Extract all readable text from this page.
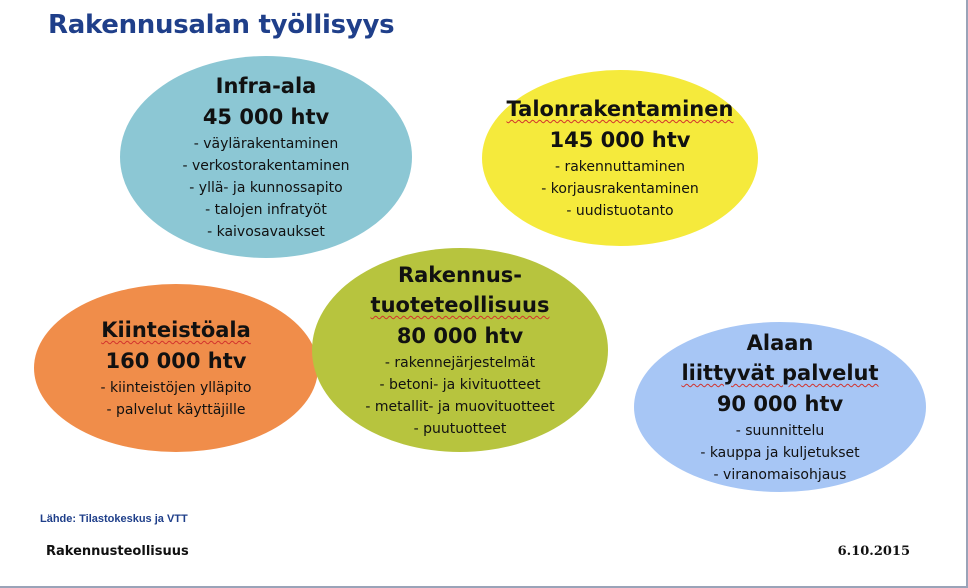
Rakennusalan työllisyys
Infra-ala
45 000 htv
- väylärakentaminen
- verkostorakentaminen
- yllä- ja kunnossapito
- talojen infratyöt
- kaivosavaukset
Talonrakentaminen
145 000 htv
- rakennuttaminen
- korjausrakentaminen
- uudistuotanto
Kiinteistöala
160 000 htv
- kiinteistöjen ylläpito
- palvelut käyttäjille
Rakennus-
tuoteteollisuus
80 000 htv
- rakennejärjestelmät
- betoni- ja kivituotteet
- metallit- ja muovituotteet
- puutuotteet
Alaan
liittyvät palvelut
90 000 htv
- suunnittelu
- kauppa ja kuljetukset
- viranomaisohjaus
Lähde: Tilastokeskus ja VTT
Rakennusteollisuus	6.10.2015
